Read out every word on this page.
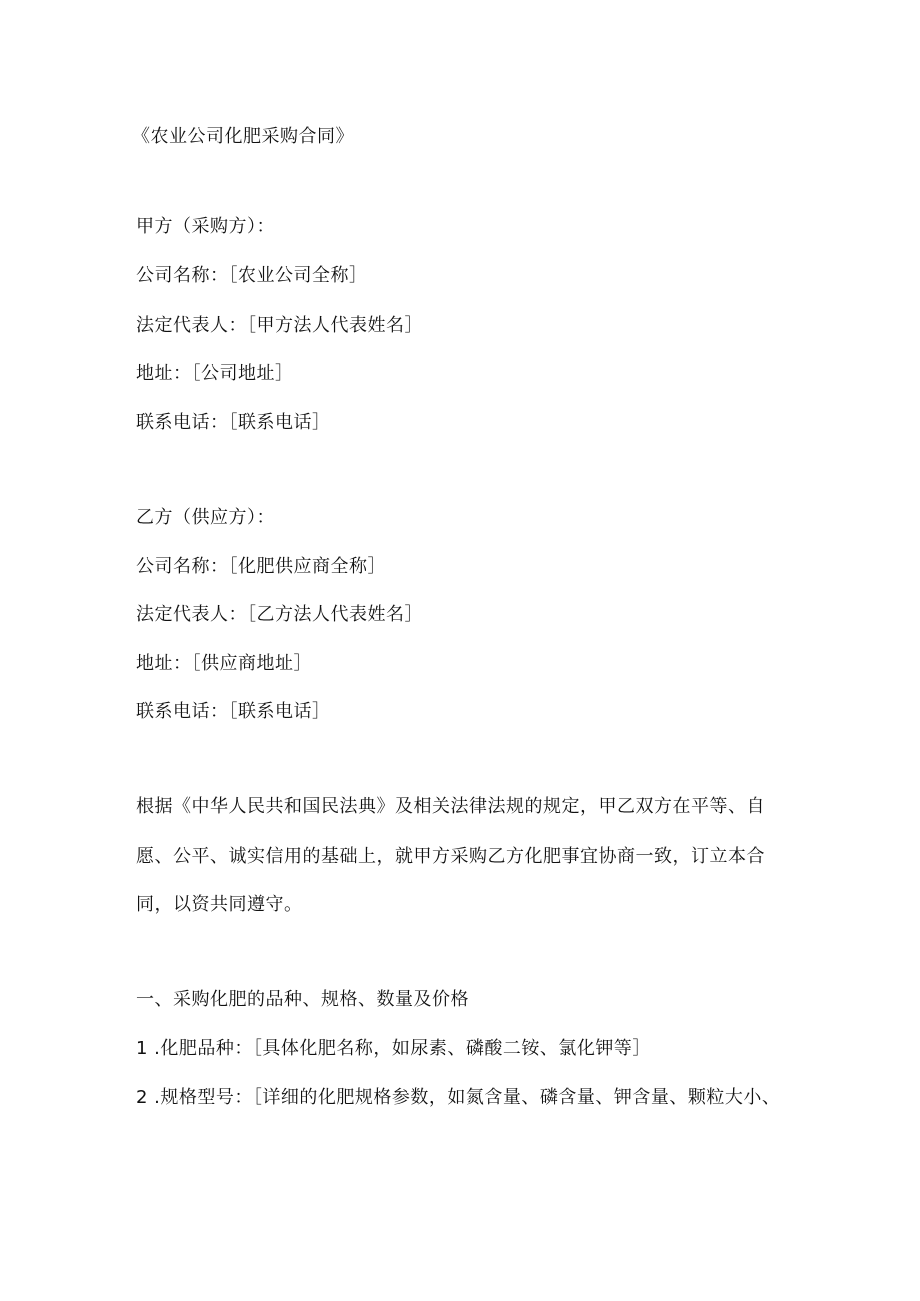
《农业公司化肥采购合同》
甲方（采购方）：
公司名称：［农业公司全称］
法定代表人：［甲方法人代表姓名］
地址：［公司地址］
联系电话：［联系电话］
乙方（供应方）：
公司名称：［化肥供应商全称］
法定代表人：［乙方法人代表姓名］
地址：［供应商地址］
联系电话：［联系电话］
根据《中华人民共和国民法典》及相关法律法规的规定，甲乙双方在平等、自
愿、公平、诚实信用的基础上，就甲方采购乙方化肥事宜协商一致，订立本合
同，以资共同遵守。
一、采购化肥的品种、规格、数量及价格
1 .化肥品种：［具体化肥名称，如尿素、磷酸二铵、氯化钾等］
2 .规格型号：［详细的化肥规格参数，如氮含量、磷含量、钾含量、颗粒大小、
